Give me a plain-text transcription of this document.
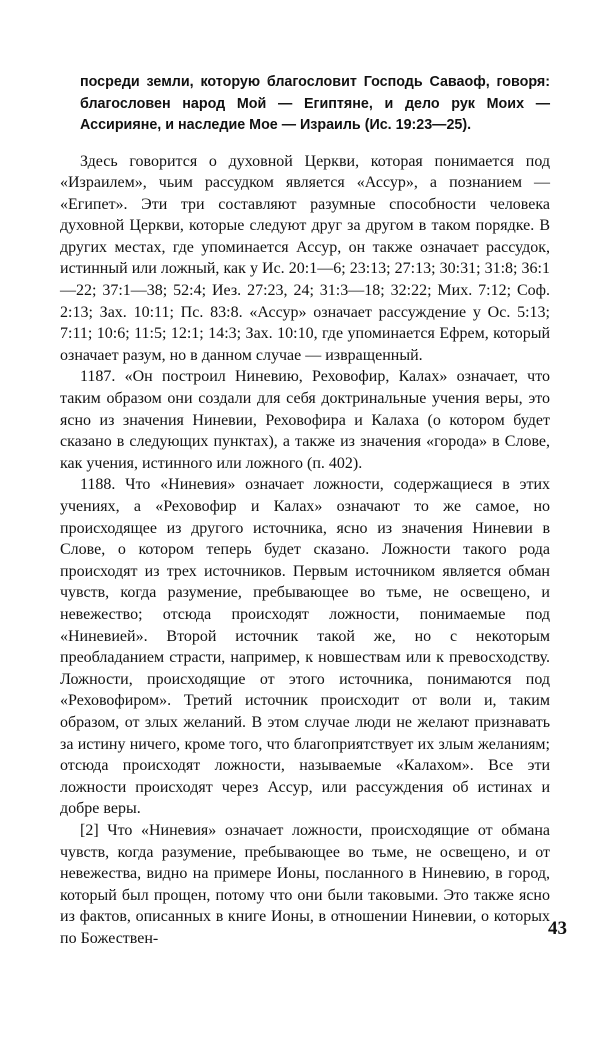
посреди земли, которую благословит Господь Саваоф, говоря: благословен народ Мой — Египтяне, и дело рук Моих — Ассирияне, и наследие Мое — Израиль (Ис. 19:23—25).

Здесь говорится о духовной Церкви, которая понимается под «Израилем», чьим рассудком является «Ассур», а познанием — «Египет». Эти три составляют разумные способности человека духовной Церкви, которые следуют друг за другом в таком порядке. В других местах, где упоминается Ассур, он также означает рассудок, истинный или ложный, как у Ис. 20:1—6; 23:13; 27:13; 30:31; 31:8; 36:1—22; 37:1—38; 52:4; Иез. 27:23, 24; 31:3—18; 32:22; Мих. 7:12; Соф. 2:13; Зах. 10:11; Пс. 83:8. «Ассур» означает рассуждение у Ос. 5:13; 7:11; 10:6; 11:5; 12:1; 14:3; Зах. 10:10, где упоминается Ефрем, который означает разум, но в данном случае — извращенный.

1187. «Он построил Ниневию, Реховофир, Калах» означает, что таким образом они создали для себя доктринальные учения веры, это ясно из значения Ниневии, Реховофира и Калаха (о котором будет сказано в следующих пунктах), а также из значения «города» в Слове, как учения, истинного или ложного (п. 402).

1188. Что «Ниневия» означает ложности, содержащиеся в этих учениях, а «Реховофир и Калах» означают то же самое, но происходящее из другого источника, ясно из значения Ниневии в Слове, о котором теперь будет сказано. Ложности такого рода происходят из трех источников. Первым источником является обман чувств, когда разумение, пребывающее во тьме, не освещено, и невежество; отсюда происходят ложности, понимаемые под «Ниневией». Второй источник такой же, но с некоторым преобладанием страсти, например, к новшествам или к превосходству. Ложности, происходящие от этого источника, понимаются под «Реховофиром». Третий источник происходит от воли и, таким образом, от злых желаний. В этом случае люди не желают признавать за истину ничего, кроме того, что благоприятствует их злым желаниям; отсюда происходят ложности, называемые «Калахом». Все эти ложности происходят через Ассур, или рассуждения об истинах и добре веры.

[2] Что «Ниневия» означает ложности, происходящие от обмана чувств, когда разумение, пребывающее во тьме, не освещено, и от невежества, видно на примере Ионы, посланного в Ниневию, в город, который был прощен, потому что они были таковыми. Это также ясно из фактов, описанных в книге Ионы, в отношении Ниневии, о которых по Божествен-	43
